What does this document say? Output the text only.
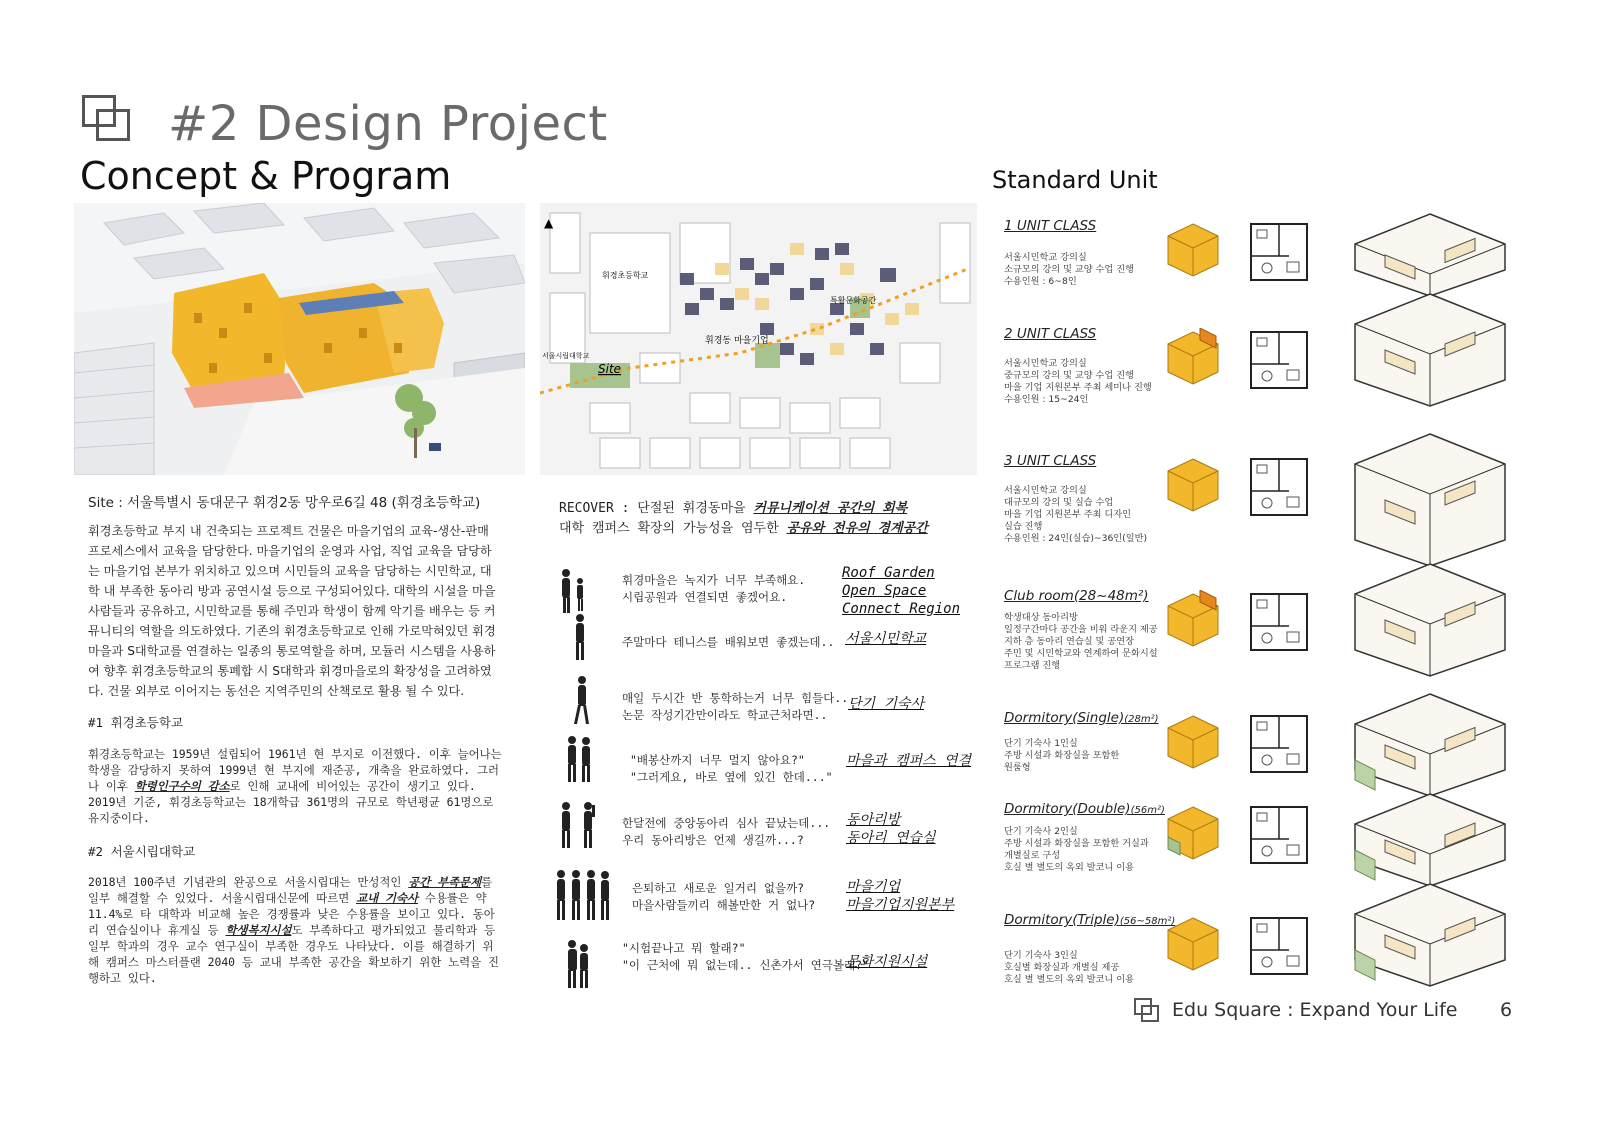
#2 Design Project
Concept & Program	Standard Unit
휘경초등학교
휘경동 마을기업
특활문화공간
서울시립대학교
Site
▲
Site : 서울특별시 동대문구 휘경2동 망우로6길 48 (휘경초등학교)
휘경초등학교 부지 내 건축되는 프로젝트 건물은 마을기업의 교육-생산-판매 프로세스에서 교육을 담당한다. 마을기업의 운영과 사업, 직업 교육을 담당하는 마을기업 본부가 위치하고 있으며 시민들의 교육을 담당하는 시민학교, 대학 내 부족한 동아리 방과 공연시설 등으로 구성되어있다. 대학의 시설을 마을사람들과 공유하고, 시민학교를 통해 주민과 학생이 함께 악기를 배우는 등 커뮤니티의 역할을 의도하였다. 기존의 휘경초등학교로 인해 가로막혀있던 휘경마을과 S대학교를 연결하는 일종의 통로역할을 하며, 모듈러 시스템을 사용하여 향후 휘경초등학교의 통폐합 시 S대학과 휘경마을로의 확장성을 고려하였다. 건물 외부로 이어지는 동선은 지역주민의 산책로로 활용 될 수 있다.
#1 휘경초등학교
휘경초등학교는 1959년 설립되어 1961년 현 부지로 이전했다. 이후 늘어나는 학생을 감당하지 못하여 1999년 현 부지에 재준공, 개축을 완료하였다. 그러나 이후 학령인구수의 감소로 인해 교내에 비어있는 공간이 생기고 있다. 2019년 기준, 휘경초등학교는 18개학급 361명의 규모로 학년평균 61명으로 유지중이다.
#2 서울시립대학교
2018년 100주년 기념관의 완공으로 서울시립대는 만성적인 공간 부족문제를 일부 해결할 수 있었다. 서울시립대신문에 따르면 교내 기숙사 수용률은 약 11.4%로 타 대학과 비교해 높은 경쟁률과 낮은 수용률을 보이고 있다. 동아리 연습실이나 휴게실 등 학생복지시설도 부족하다고 평가되었고 물리학과 등 일부 학과의 경우 교수 연구실이 부족한 경우도 나타났다. 이를 해결하기 위해 캠퍼스 마스터플랜 2040 등 교내 부족한 공간을 확보하기 위한 노력을 진행하고 있다.
RECOVER : 단절된 휘경동마을 커뮤니케이션 공간의 회복
대학 캠퍼스 확장의 가능성을 염두한 공유와 전유의 경계공간
휘경마을은 녹지가 너무 부족해요.
시립공원과 연결되면 좋겠어요.
Roof Garden
Open Space
Connect Region
주말마다 테니스를 배워보면 좋겠는데.. 서울시민학교
매일 두시간 반 통학하는거 너무 힘들다..
논문 작성기간만이라도 학교근처라면..
단기 기숙사
"배봉산까지 너무 멀지 않아요?"
"그러게요, 바로 옆에 있긴 한데..."
마을과 캠퍼스 연결
한달전에 중앙동아리 심사 끝났는데...
우리 동아리방은 언제 생길까...?
동아리방
동아리 연습실
은퇴하고 새로운 일거리 없을까?
마을사람들끼리 해볼만한 거 없나?
마을기업
마을기업지원본부
"시험끝나고 뭐 할래?"
"이 근처에 뭐 없는데.. 신촌가서 연극볼래?"
문화지원시설
1 UNIT CLASS
서울시민학교 강의실
소규모의 강의 및 교양 수업 진행
수용인원 : 6~8인
2 UNIT CLASS
서울시민학교 강의실
중규모의 강의 및 교양 수업 진행
마을 기업 지원본부 주최 세미나 진행
수용인원 : 15~24인
3 UNIT CLASS
서울시민학교 강의실
대규모의 강의 및 실습 수업
마을 기업 지원본부 주최 디자인
실습 진행
수용인원 : 24인(실습)~36인(일반)
Club room(28~48m²)
학생대상 동아리방
일정구간마다 공간을 비워 라운지 제공
지하 층 동아리 연습실 및 공연장
주민 및 시민학교와 연계하여 문화시설
프로그램 진행
Dormitory(Single)(28m²)
단기 기숙사 1인실
주방 시설과 화장실을 포함한
원룸형
Dormitory(Double)(56m²)
단기 기숙사 2인실
주방 시설과 화장실을 포함한 거실과
개별실로 구성
호실 별 별도의 옥외 발코니 이용
Dormitory(Triple)(56~58m²)
단기 기숙사 3인실
호실별 화장실과 개별실 제공
호실 별 별도의 옥외 발코니 이용
Edu Square : Expand Your Life 6
